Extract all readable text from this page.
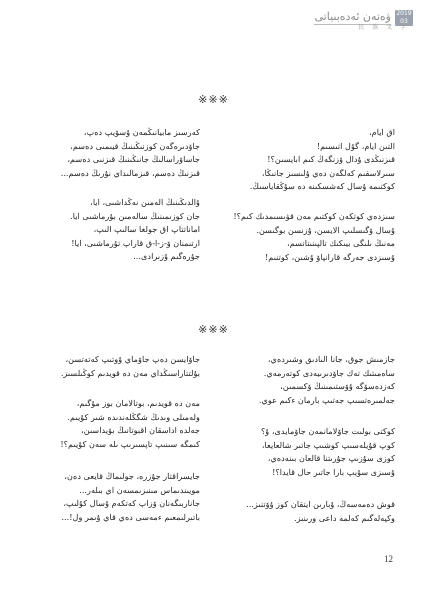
ۋەتەن ئەدەبىياتى 2019
03
民 族 文 学
※※※
اق ايام،
التىن ايام، گۇل اتىسىم!
قىزنىڭدى ۇدال ۆزنگەڭ كىم ابايسىن؟!
سىرلاسقىم كەلگەن دەي ۇلىسىز جانىڭا،
كوكتىمە ۇسال كەشسكىنە دە سۇڭقاياسىڭ.
سىزدەي كوتكەن كوكتىم مەن قۋىسىمدىك كىم؟!
ۇسال ۆگىسلىپ الايسن، ۇزنسن بوگىسن.
مەنىڭ ىلىگى بيىكىك تالپىنىتانسم،
ۇسىزدى جەرگە قارانپاۆ ۇشىن، كوتنىم!
كەرسىز مابيانىڭمەن ۇسۆيپ دەپ،
جاۆدىرەگەن كوزنىڭىنىڭ قيىمىى دەسم،
جاساۆراسالىڭ جانىڭىنىڭ قىزنىى دەسم،
قىزنىڭ دەسم، قىزمالىداي نۇرىڭ دەسم...
ۇالدىڭىنىڭ الەمىن نەڭداشىى، ايا،
جان كوزىمىنىڭ سالەمىن بۇرماشىى ايا.
اماناتتاپ اق جولغا سالىپ الىپ،
ارتىمنان ۆ-ز-ا-ق قاراپ تۇرماشىى، ايا!
جۇرەگىم ۇزىرادى...
※※※
جازمىش جوق، جانا الىادىق وشىردەي،
ساەمىتىك تەك جاۆدىرىيەدى كوتەرمەي.
كەزدەسۆگە ۇۆستىمىنىڭ ۆكسمىن،
جەلمىرەتسىپ جەتىپ بارمان ءكىم عوي.
كوكتى بولىت جاۆلامانمەن جاۆمايدى، ۇ؟
كوپ قۇيلەسىپ كوشىپ جاتىر شالعايعا،
كوزى سۇزىپ جۇرىتنا قالعان بىنەدەي،
ۇسىزى سۇيپ بارا جاتىر حال قايدا؟!
قوش دەمەسەڭ، ۇبارىن ايتقان كوز ۇۆتنىز...
وكپەلەگىم كەلمە داعى ورىنىز.
جاۆايسن دەپ جاۆماي ۇوتىپ كەتەتسن،
بۇلتتاراسىڭداي مەن دە قويدىم كوڭىلسىز.
مەن دە قويدىم، بوتالامان بوز مۇگىم،
ولەمىلى وىدىڭ شگڭلەندىدە شىر كۇيىم.
جەلدە اداسقان اقبوتانىڭ بۆيداسىن،
كىمگە سىنىپ تاپسىرىپ ىلە سەن كۇيىم؟!
جايسراقتار جۇزرە، جولىماڭ قايعى دەن،
مويىندىماس مىنىزىمسەن اي بىلەر...
جاناربىگەنان ۆزاپ كەتكەم ۇسال كۇلىپ،
باتىرلىمعىم ءمەسى دەي قاي ۇىمر ول!...
12
